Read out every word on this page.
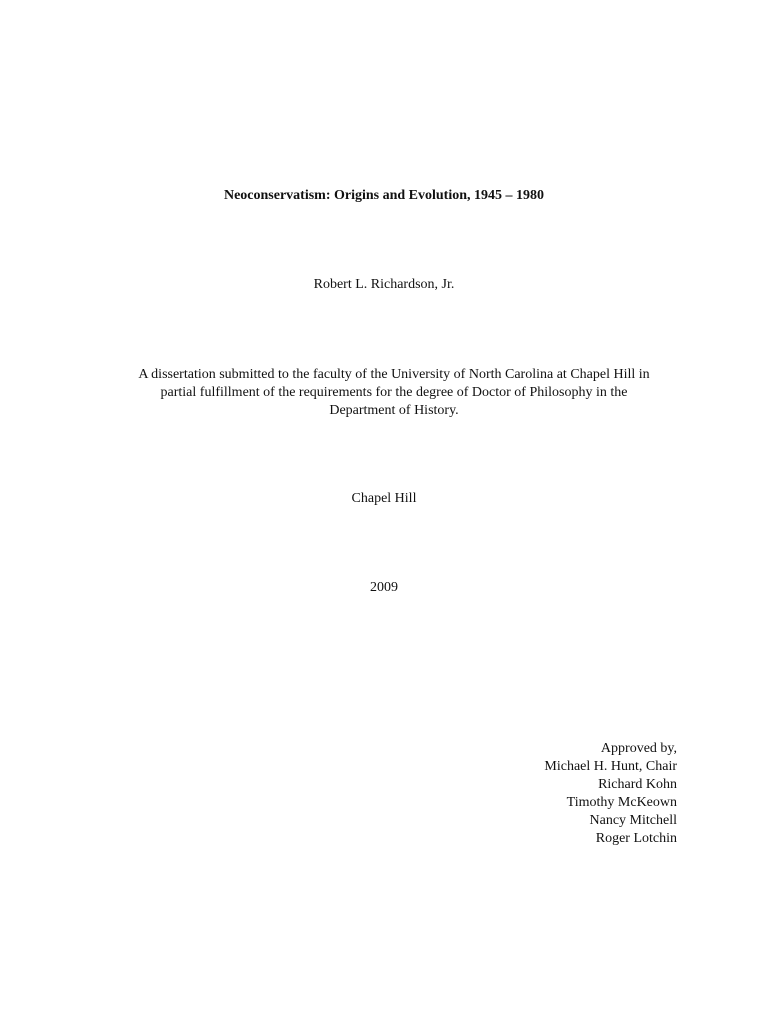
Neoconservatism: Origins and Evolution, 1945 – 1980

Robert L. Richardson, Jr.

A dissertation submitted to the faculty of the University of North Carolina at Chapel Hill in
partial fulfillment of the requirements for the degree of Doctor of Philosophy in the
Department of History.

Chapel Hill

2009

Approved by,
Michael H. Hunt, Chair
Richard Kohn
Timothy McKeown
Nancy Mitchell
Roger Lotchin
